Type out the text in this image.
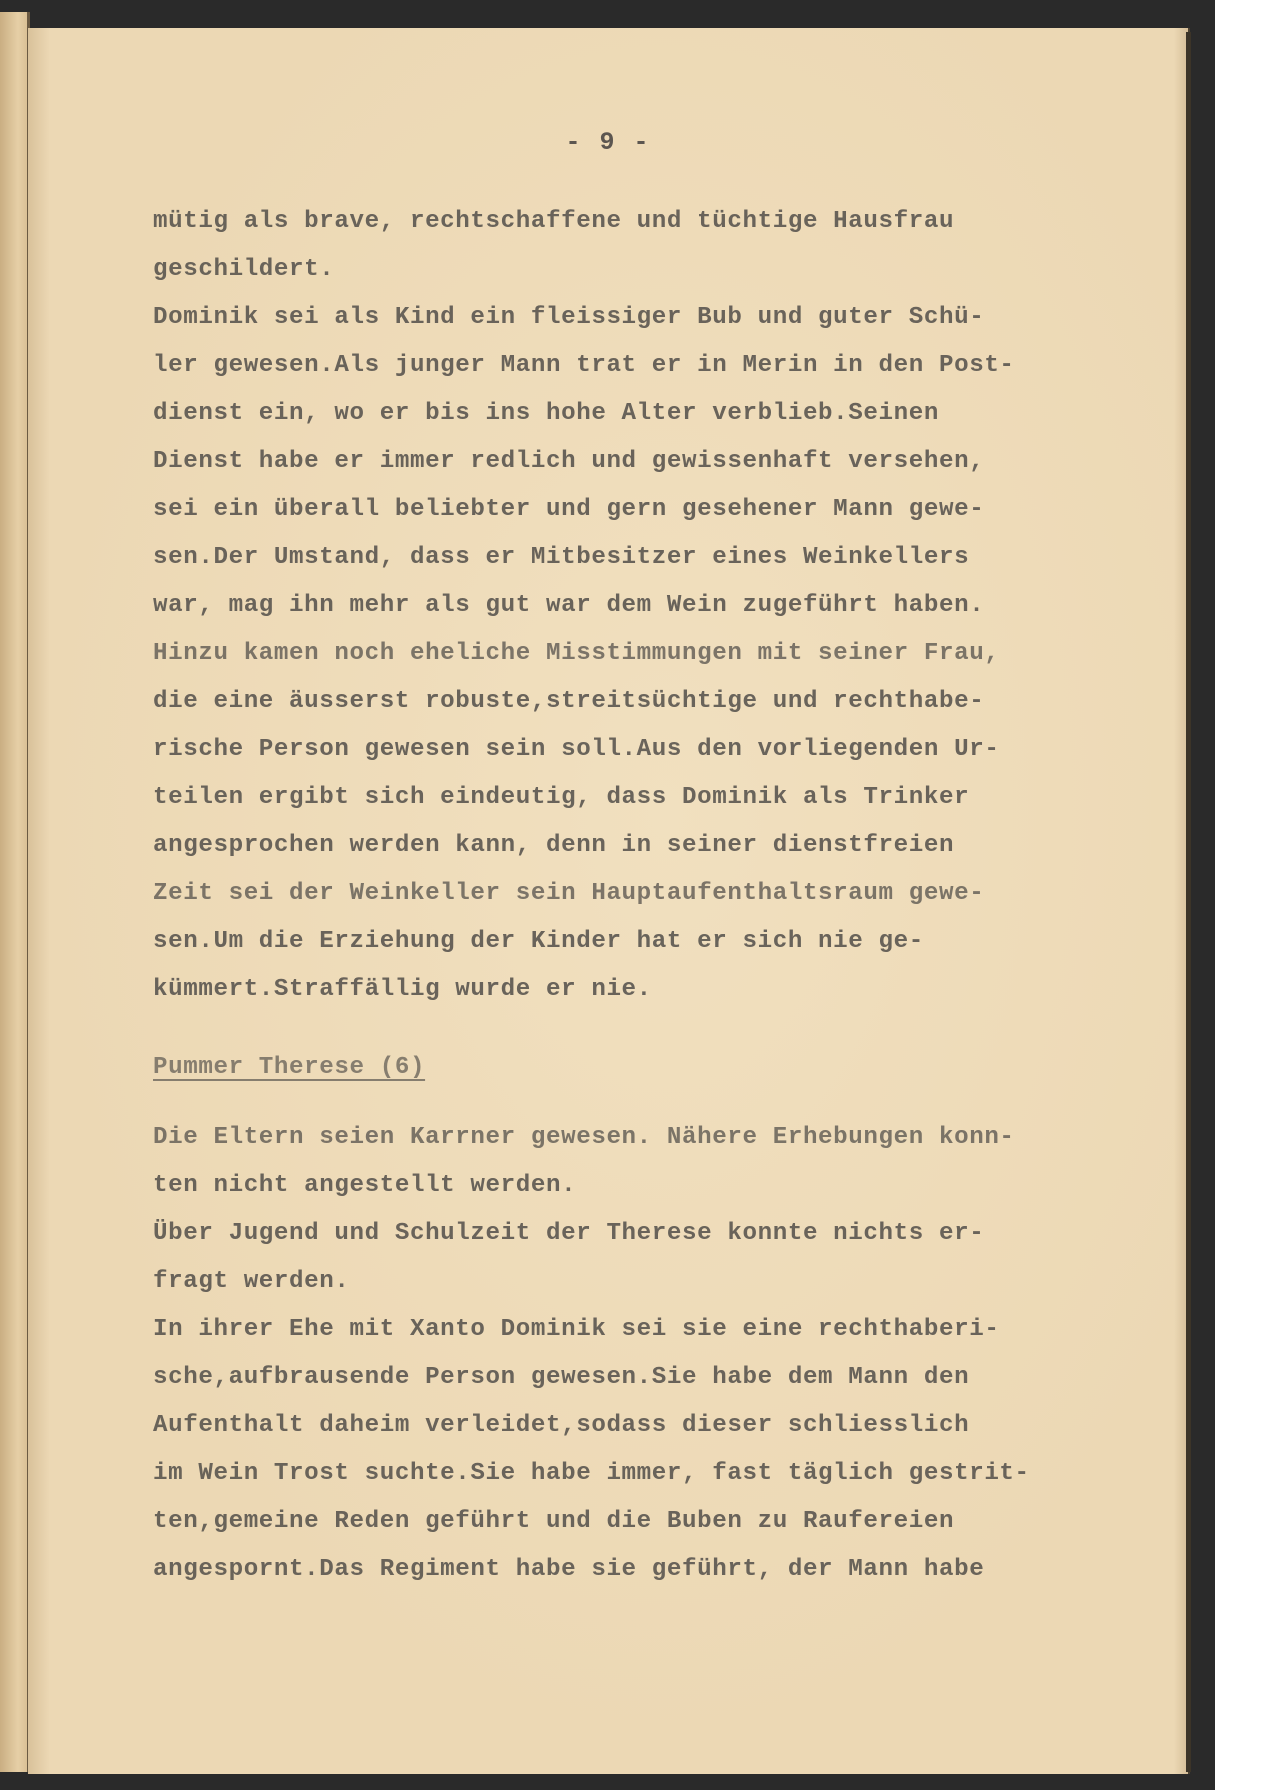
- 9 -
mütig als brave, rechtschaffene und tüchtige Hausfrau
geschildert.
Dominik sei als Kind ein fleissiger Bub und guter Schü-
ler gewesen.Als junger Mann trat er in Merin in den Post-
dienst ein, wo er bis ins hohe Alter verblieb.Seinen
Dienst habe er immer redlich und gewissenhaft versehen,
sei ein überall beliebter und gern gesehener Mann gewe-
sen.Der Umstand, dass er Mitbesitzer eines Weinkellers
war, mag ihn mehr als gut war dem Wein zugeführt haben.
Hinzu kamen noch eheliche Misstimmungen mit seiner Frau,
die eine äusserst robuste,streitsüchtige und rechthabe-
rische Person gewesen sein soll.Aus den vorliegenden Ur-
teilen ergibt sich eindeutig, dass Dominik als Trinker
angesprochen werden kann, denn in seiner dienstfreien
Zeit sei der Weinkeller sein Hauptaufenthaltsraum gewe-
sen.Um die Erziehung der Kinder hat er sich nie ge-
kümmert.Straffällig wurde er nie.
Pummer Therese (6)
Die Eltern seien Karrner gewesen. Nähere Erhebungen konn-
ten nicht angestellt werden.
Über Jugend und Schulzeit der Therese konnte nichts er-
fragt werden.
In ihrer Ehe mit Xanto Dominik sei sie eine rechthaberi-
sche,aufbrausende Person gewesen.Sie habe dem Mann den
Aufenthalt daheim verleidet,sodass dieser schliesslich
im Wein Trost suchte.Sie habe immer, fast täglich gestrit-
ten,gemeine Reden geführt und die Buben zu Raufereien
angespornt.Das Regiment habe sie geführt, der Mann habe
